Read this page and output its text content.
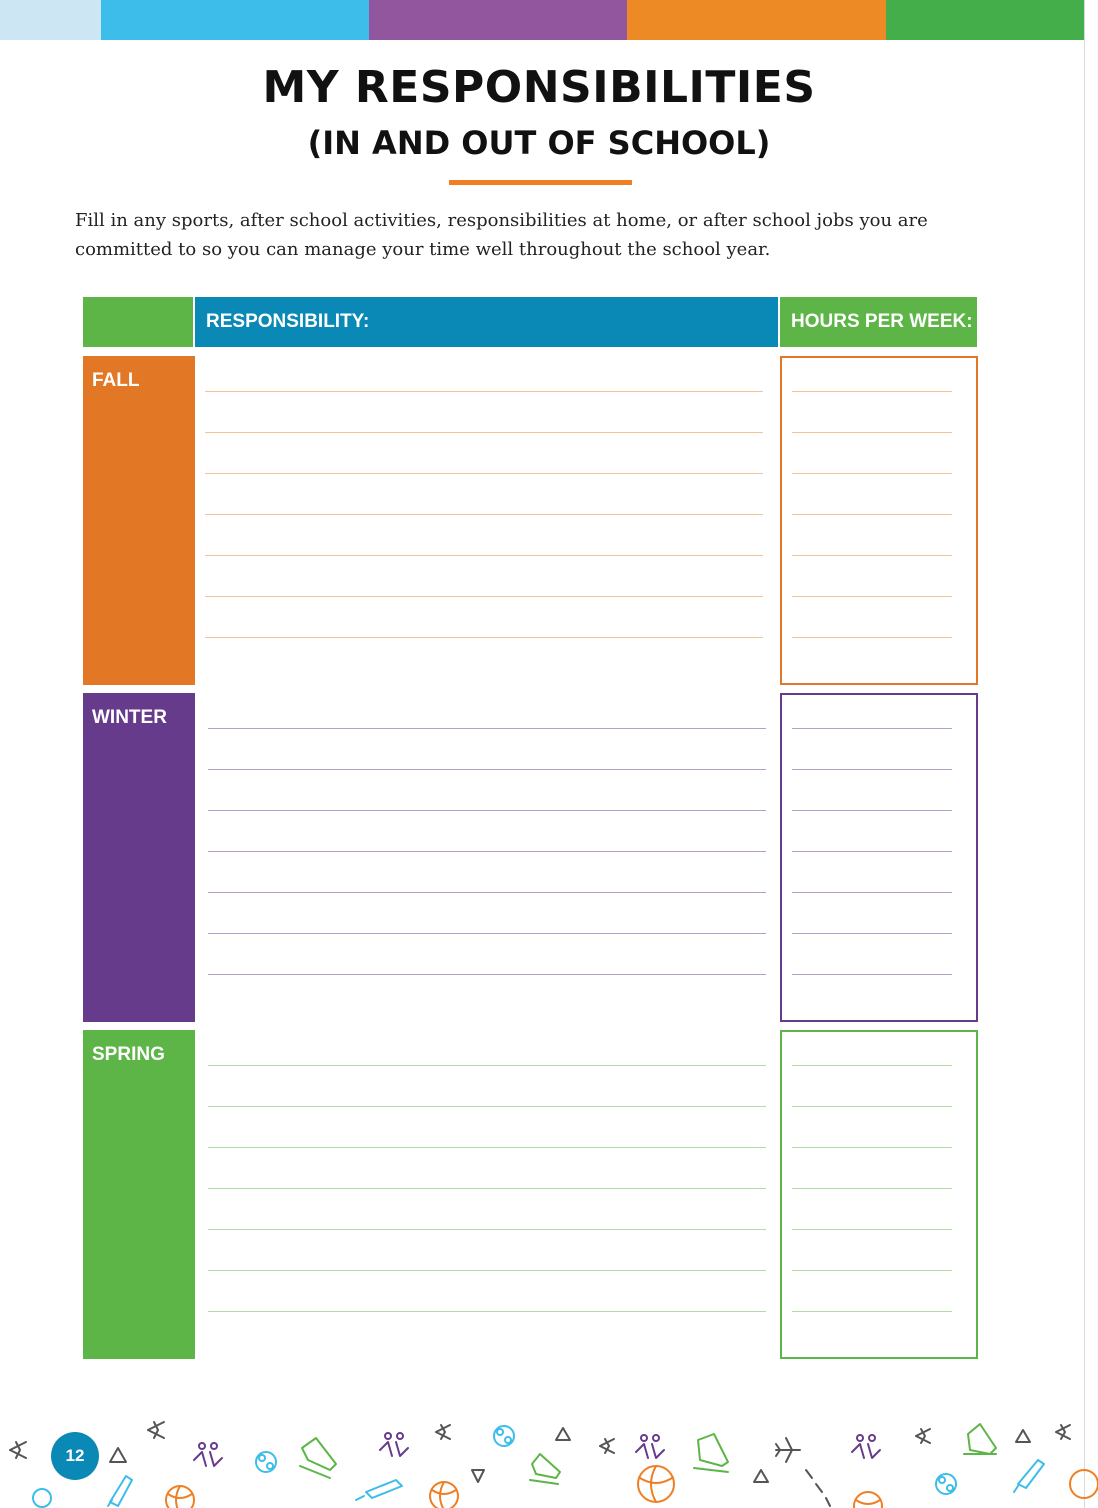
MY RESPONSIBILITIES
(IN AND OUT OF SCHOOL)
Fill in any sports, after school activities, responsibilities at home, or after school jobs you are committed to so you can manage your time well throughout the school year.
RESPONSIBILITY:	HOURS PER WEEK:
FALL
WINTER
SPRING
12
